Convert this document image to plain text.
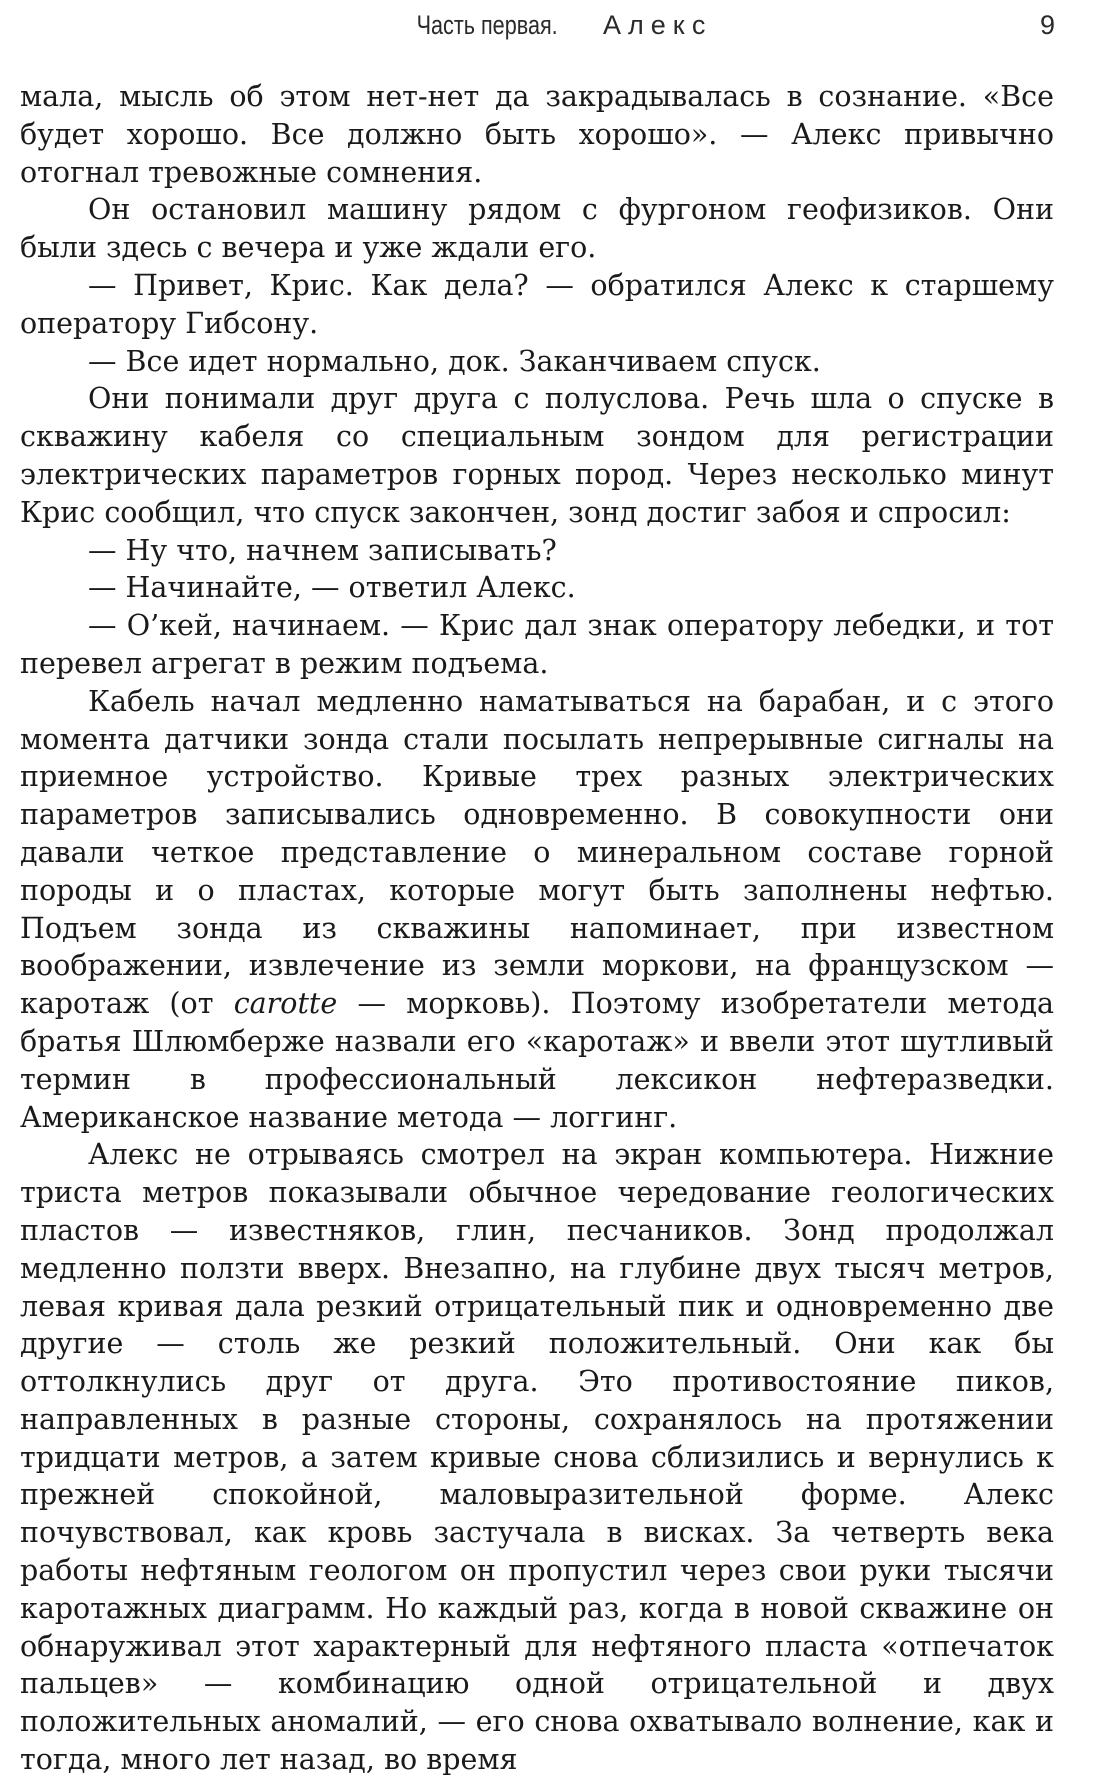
Часть первая. Алекс	9

мала, мысль об этом нет-нет да закрадывалась в сознание. «Все будет хорошо. Все должно быть хорошо». — Алекс привычно отогнал тревожные сомнения.

Он остановил машину рядом с фургоном геофизиков. Они были здесь с вечера и уже ждали его.

— Привет, Крис. Как дела? — обратился Алекс к старшему оператору Гибсону.

— Все идет нормально, док. Заканчиваем спуск.

Они понимали друг друга с полуслова. Речь шла о спуске в скважину кабеля со специальным зондом для регистрации электрических параметров горных пород. Через несколько минут Крис сообщил, что спуск закончен, зонд достиг забоя и спросил:

— Ну что, начнем записывать?

— Начинайте, — ответил Алекс.

— О’кей, начинаем. — Крис дал знак оператору лебедки, и тот перевел агрегат в режим подъема.

Кабель начал медленно наматываться на барабан, и с этого момента датчики зонда стали посылать непрерывные сигналы на приемное устройство. Кривые трех разных электрических параметров записывались одновременно. В совокупности они давали четкое представление о минеральном составе горной породы и о пластах, которые могут быть заполнены нефтью. Подъем зонда из скважины напоминает, при известном воображении, извлечение из земли моркови, на французском — каротаж (от carotte — морковь). Поэтому изобретатели метода братья Шлюмберже назвали его «каротаж» и ввели этот шутливый термин в профессиональный лексикон нефтеразведки. Американское название метода — логгинг.

Алекс не отрываясь смотрел на экран компьютера. Нижние триста метров показывали обычное чередование геологических пластов — известняков, глин, песчаников. Зонд продолжал медленно ползти вверх. Внезапно, на глубине двух тысяч метров, левая кривая дала резкий отрицательный пик и одновременно две другие — столь же резкий положительный. Они как бы оттолкнулись друг от друга. Это противостояние пиков, направленных в разные стороны, сохранялось на протяжении тридцати метров, а затем кривые снова сблизились и вернулись к прежней спокойной, маловыразительной форме. Алекс почувствовал, как кровь застучала в висках. За четверть века работы нефтяным геологом он пропустил через свои руки тысячи каротажных диаграмм. Но каждый раз, когда в новой скважине он обнаруживал этот характерный для нефтяного пласта «отпечаток пальцев» — комбинацию одной отрицательной и двух положительных аномалий, — его снова охватывало волнение, как и тогда, много лет назад, во время
